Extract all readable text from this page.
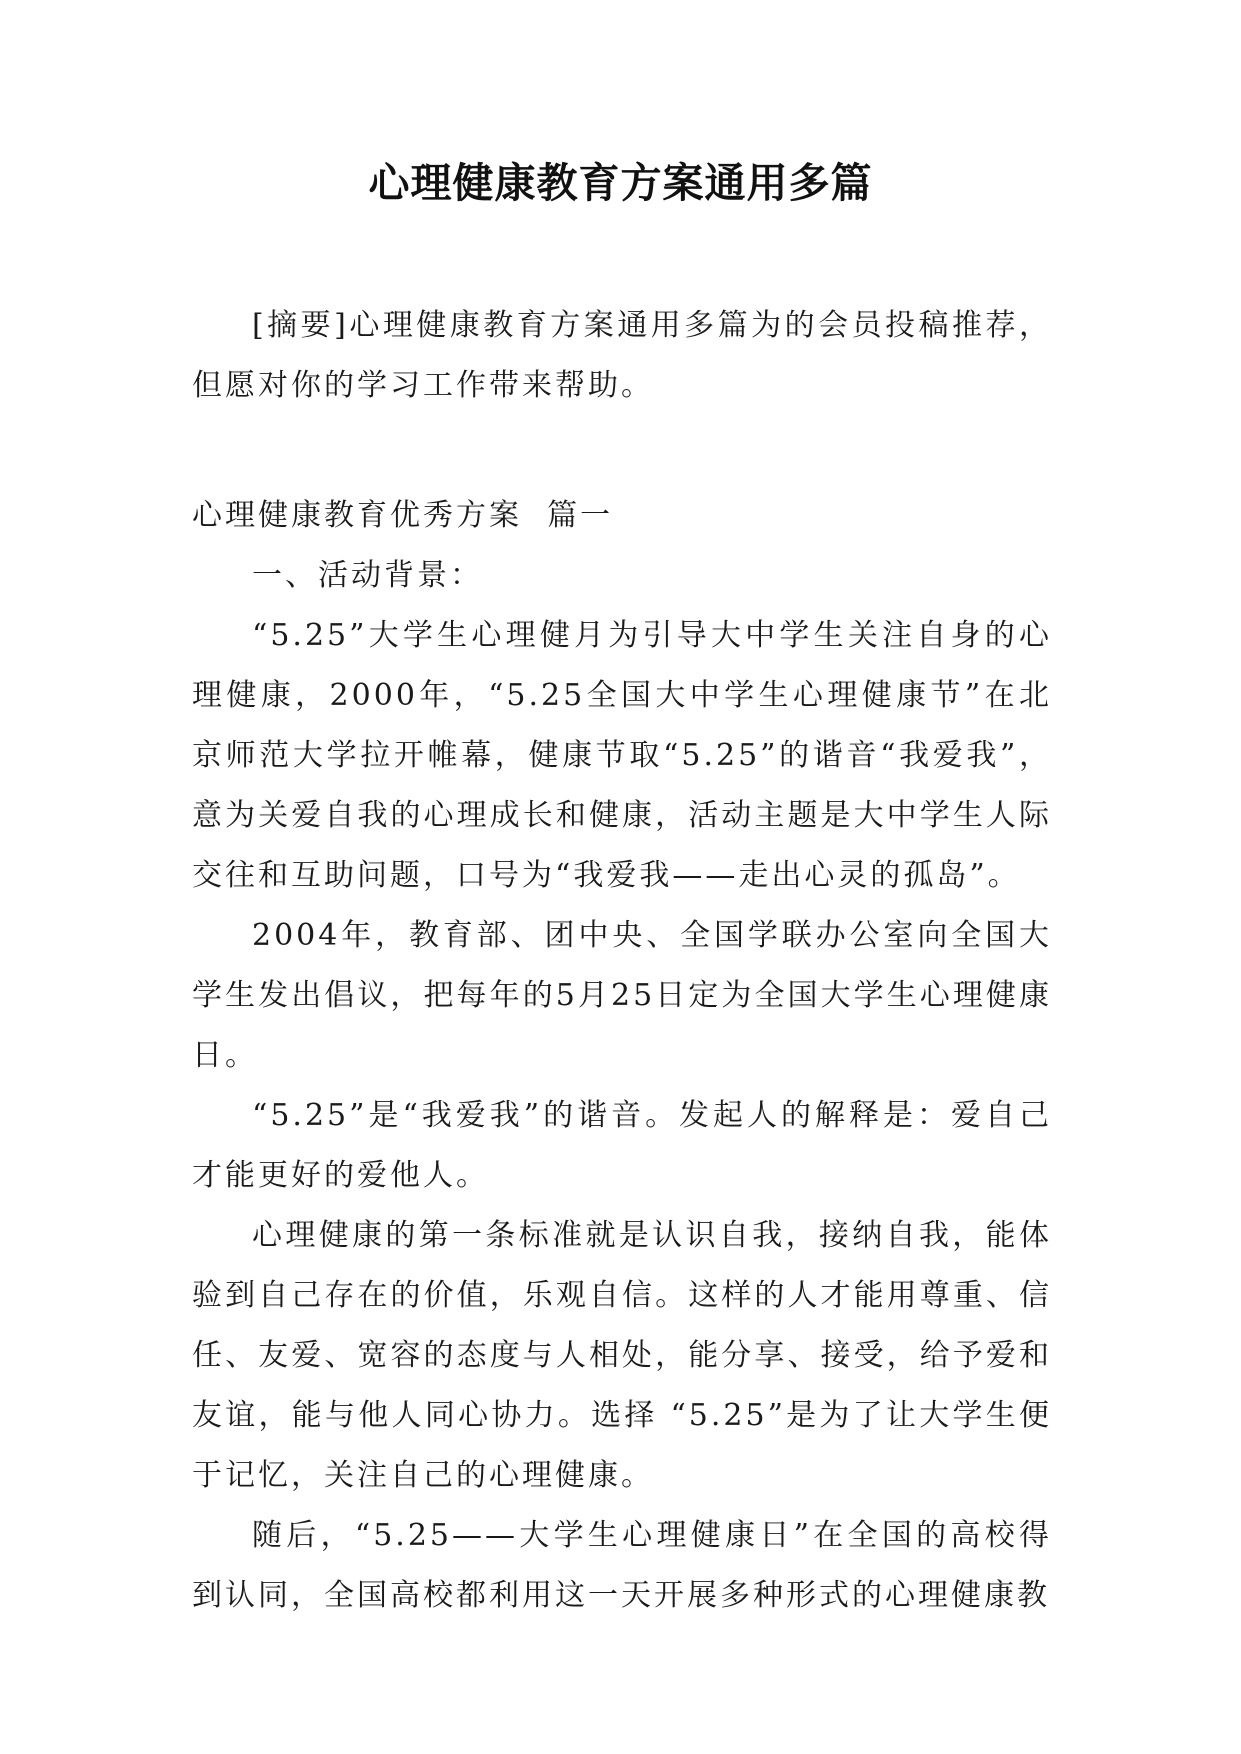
心理健康教育方案通用多篇

[摘要]心理健康教育方案通用多篇为的会员投稿推荐，但愿对你的学习工作带来帮助。

心理健康教育优秀方案  篇一

一、活动背景：

“5.25”大学生心理健月为引导大中学生关注自身的心理健康，2000年，“5.25全国大中学生心理健康节”在北京师范大学拉开帷幕，健康节取“5.25”的谐音“我爱我”，意为关爱自我的心理成长和健康，活动主题是大中学生人际交往和互助问题，口号为“我爱我——走出心灵的孤岛”。

2004年，教育部、团中央、全国学联办公室向全国大学生发出倡议，把每年的5月25日定为全国大学生心理健康日。

“5.25”是“我爱我”的谐音。发起人的解释是：爱自己才能更好的爱他人。

心理健康的第一条标准就是认识自我，接纳自我，能体验到自己存在的价值，乐观自信。这样的人才能用尊重、信任、友爱、宽容的态度与人相处，能分享、接受，给予爱和友谊，能与他人同心协力。选择 “5.25”是为了让大学生便于记忆，关注自己的心理健康。

随后，“5.25——大学生心理健康日”在全国的高校得到认同，全国高校都利用这一天开展多种形式的心理健康教
